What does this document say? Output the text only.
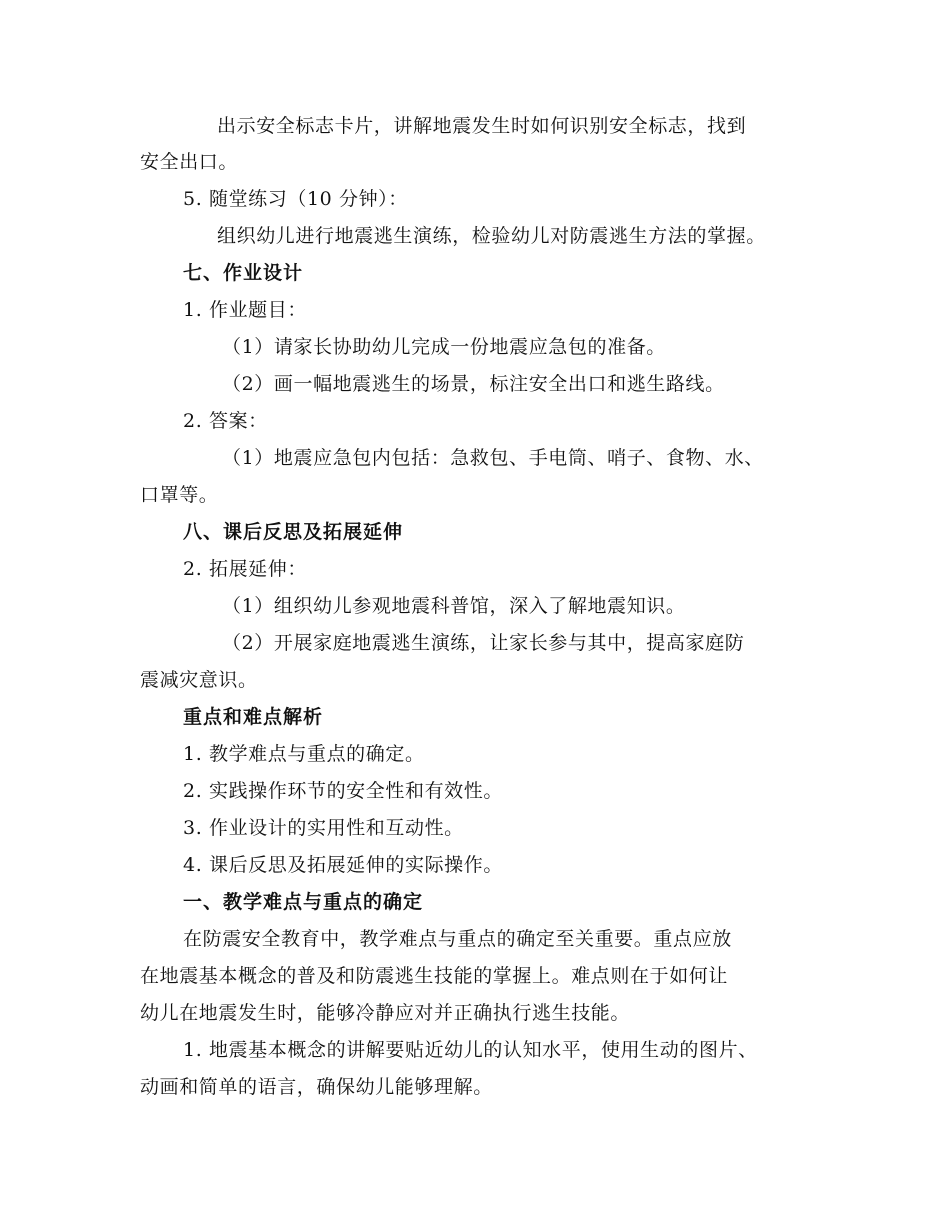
出示安全标志卡片，讲解地震发生时如何识别安全标志，找到
安全出口。
5. 随堂练习（10 分钟）：
组织幼儿进行地震逃生演练，检验幼儿对防震逃生方法的掌握。
七、作业设计
1. 作业题目：
（1）请家长协助幼儿完成一份地震应急包的准备。
（2）画一幅地震逃生的场景，标注安全出口和逃生路线。
2. 答案：
（1）地震应急包内包括：急救包、手电筒、哨子、食物、水、
口罩等。
八、课后反思及拓展延伸
2. 拓展延伸：
（1）组织幼儿参观地震科普馆，深入了解地震知识。
（2）开展家庭地震逃生演练，让家长参与其中，提高家庭防
震减灾意识。
重点和难点解析
1. 教学难点与重点的确定。
2. 实践操作环节的安全性和有效性。
3. 作业设计的实用性和互动性。
4. 课后反思及拓展延伸的实际操作。
一、教学难点与重点的确定
在防震安全教育中，教学难点与重点的确定至关重要。重点应放
在地震基本概念的普及和防震逃生技能的掌握上。难点则在于如何让
幼儿在地震发生时，能够冷静应对并正确执行逃生技能。
1. 地震基本概念的讲解要贴近幼儿的认知水平，使用生动的图片、
动画和简单的语言，确保幼儿能够理解。
